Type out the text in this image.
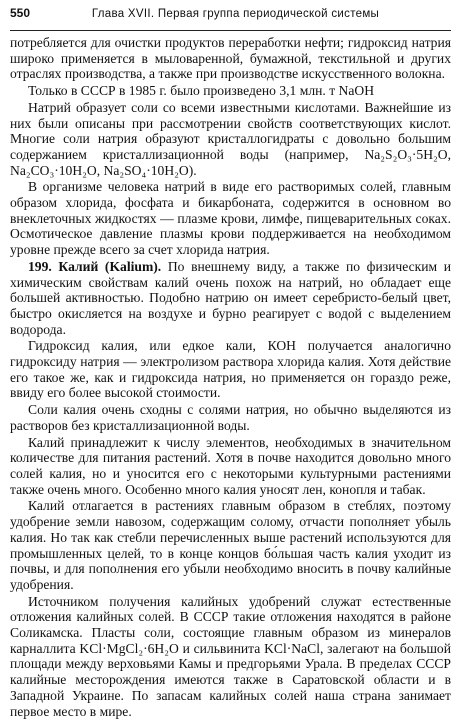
550	Глава XVII. Первая группа периодической системы

потребляется для очистки продуктов переработки нефти; гидроксид натрия широко применяется в мыловаренной, бумажной, текстильной и других отраслях производства, а также при производстве искусственного волокна.

Только в СССР в 1985 г. было произведено 3,1 млн. т NaOH

Натрий образует соли со всеми известными кислотами. Важнейшие из них были описаны при рассмотрении свойств соответствующих кислот. Многие соли натрия образуют кристаллогидраты с довольно большим содержанием кристаллизационной воды (например, Na₂S₂O₃·5H₂O, Na₂CO₃·10H₂O, Na₂SO₄·10H₂O).

В организме человека натрий в виде его растворимых солей, главным образом хлорида, фосфата и бикарбоната, содержится в основном во внеклеточных жидкостях — плазме крови, лимфе, пищеварительных соках. Осмотическое давление плазмы крови поддерживается на необходимом уровне прежде всего за счет хлорида натрия.

199. Калий (Kalium). По внешнему виду, а также по физическим и химическим свойствам калий очень похож на натрий, но обладает еще большей активностью. Подобно натрию он имеет серебристо-белый цвет, быстро окисляется на воздухе и бурно реагирует с водой с выделением водорода.

Гидроксид калия, или едкое кали, КОН получается аналогично гидроксиду натрия — электролизом раствора хлорида калия. Хотя действие его такое же, как и гидроксида натрия, но применяется он гораздо реже, ввиду его более высокой стоимости.

Соли калия очень сходны с солями натрия, но обычно выделяются из растворов без кристаллизационной воды.

Калий принадлежит к числу элементов, необходимых в значительном количестве для питания растений. Хотя в почве находится довольно много солей калия, но и уносится его с некоторыми культурными растениями также очень много. Особенно много калия уносят лен, конопля и табак.

Калий отлагается в растениях главным образом в стеблях, поэтому удобрение земли навозом, содержащим солому, отчасти пополняет убыль калия. Но так как стебли перечисленных выше растений используются для промышленных целей, то в конце концов бо́льшая часть калия уходит из почвы, и для пополнения его убыли необходимо вносить в почву калийные удобрения.

Источником получения калийных удобрений служат естественные отложения калийных солей. В СССР такие отложения находятся в районе Соликамска. Пласты соли, состоящие главным образом из минералов карналлита KCl·MgCl₂·6H₂O и сильвинита KCl·NaCl, залегают на большой площади между верховьями Камы и предгорьями Урала. В пределах СССР калийные месторождения имеются также в Саратовской области и в Западной Украине. По запасам калийных солей наша страна занимает первое место в мире.
